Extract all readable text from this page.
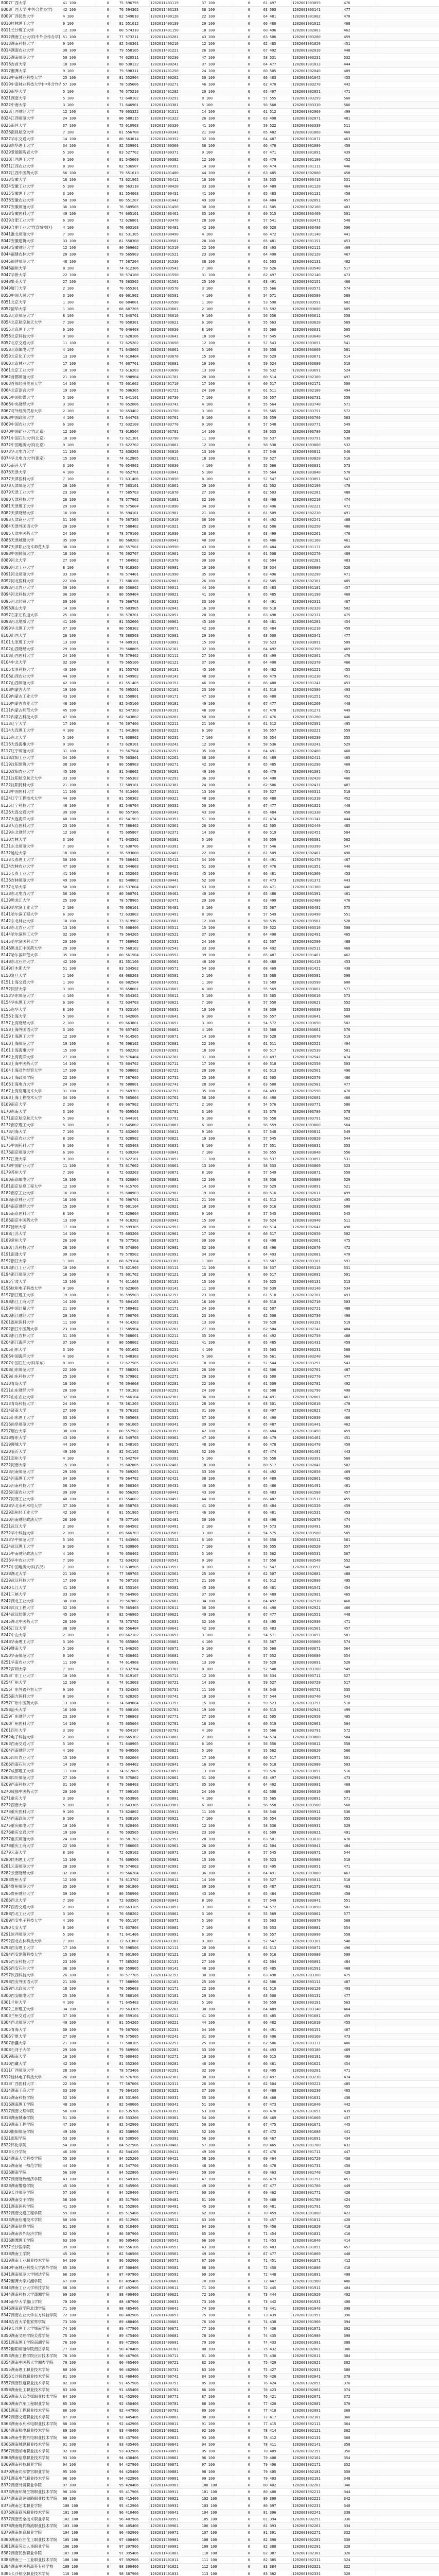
8007广西大学	41 100	0	75 596795	1202011403119	37 100	0	61 497	1202001003059	476
8008广西大学(中外合作办学)	42 100	0	76 594302	1202011403133	38 100	0	63 503	1202001003141	477
8009广西民族大学	4 100	0	82 549010	1202011400120	22 100	0	64 481	1202001001002	470
8010桂林理工大学	6 100	0	81 551012	1202011400139	29 100	0	66 480	1202001001012	468
8011长沙理工大学	12 100	0	80 574310	1202011401150	18 100	0	60 496	1202001002003	462
8012湖南工业大学(中外合作办学) 51 100	0	77 573211	1202011403201	43 100	0	63 506	1202001003200	459
8013湖南科技大学	9 100	0	82 540301	1202011400210	12 100	0	62 485	1202001001020	451
8014湖南农业大学	30 100	0	79 558105	1202011401221	26 100	0	67 492	1202001002010	448
8015湖南师范大学	50 100	0	74 620511	1202011403230	47 100	0	58 531	1202001003231	532
8016吉首大学	18 100	0	80 530122	1202011400241	37 100	0	64 477	1202001001033	444
8017湘潭大学	9 100	0	79 598311	1202011401250	24 100	0	60 505	1202001002040	489
8018中南林业科技大学	25 100	0	81 552904	1202011400262	30 100	0	66 483	1202001001045	455
8019中南林业科技大学(中外合作办 57 100	0	78 535606	1202011403271	46 100	0	62 470	1202001003270	442
8020南华大学	5 100	0	76 575210	1202011401282	20 100	0	65 497	1202001002051	471
8021湖南大学	5 100	0	72 640102	1202011403291	8 100	0	57 555	1202001003299	560
8022中南大学	3 100	0	71 646901	1202011403301	5 100	0	56 560	1202001003310	566
8023江西财经大学	12 100	0	79 603322	1202011401311	14 100	0	61 512	1202001002060	499
8024江西师范大学	24 100	0	80 580115	1202011401322	26 100	0	63 498	1202001002071	481
8025南昌大学	37 100	0	75 610903	1202011403330	41 100	0	59 522	1202001003339	511
8026南昌航空大学	7 100	0	81 556708	1202011400341	21 100	0	65 482	1202001001060	460
8027华东交通大学	14 100	0	80 563014	1202011400352	32 100	0	64 487	1202001001071	463
8028东华理工大学	34 100	0	82 539901	1202011400360	36 100	0	66 476	1202001001080	450
8029景德镇陶瓷大学	5 100	0	83 527702	1202011400371	9 100	0	67 471	1202001001091	439
8030江西理工大学	6 100	0	81 545609	1202011400382	12 100	0	65 479	1202001001100	452
8031江西农业大学	8 100	0	82 536507	1202011400391	14 100	0	66 474	1202001001111	446
8032江西中医药大学	56 100	0	79 551613	1202011401400	44 100	0	63 485	1202001002080	458
8033安徽大学	18 100	0	73 621902	1202011403411	16 100	0	58 535	1202001003410	531
8034安徽工业大学	5 100	0	80 563110	1202011400420	33 100	0	64 489	1202001001120	464
8035安徽理工大学	3 100	0	81 554003	1202011400431	41 100	0	65 483	1202001001131	458
8036安徽农业大学	50 100	0	80 551207	1202011401442	49 100	0	64 484	1202001002091	457
8037安徽师范大学	36 100	0	76 589505	1202011401450	30 100	0	61 505	1202001002100	483
8038安徽医科大学	40 100	0	74 605101	1202011403461	35 100	0	60 515	1202001003460	501
8039合肥工业大学	6 100	0	72 626801	1202011403470	28 100	0	57 541	1202001003471	540
8040合肥工业大学(宣城校区)	4 100	0	76 603103	1202011403481	42 100	0	60 520	1202001003480	506
8041淮北师范大学	7 100	0	82 531305	1202011400490	4 100	0	66 472	1202001001140	441
8042安徽建筑大学	33 100	0	81 550308	1202011400501	28 100	0	65 481	1202001001151	453
8043安徽财经大学	12 100	0	80 569602	1202011401510	22 100	0	63 493	1202001002111	469
8044福建农林大学	20 100	0	79 565903	1202011401521	23 100	0	64 490	1202001002120	467
8045福建师范大学	48 100	0	77 587204	1202011401530	38 100	0	61 503	1202001002131	482
8046福州大学	8 100	0	74 612306	1202011403541	7 100	0	59 526	1202001003540	517
8047华侨大学	22 100	0	78 574108	1202011401550	31 100	0	62 497	1202001002140	473
8048集美大学	27 100	0	79 563502	1202011401561	25 100	0	63 491	1202001002151	466
8049厦门大学	2 100	0	70 655301	1202011403570	3 100	0	55 566	1202001003571	574
8050中国人民大学	3 100	0	69 661902	1202011403581	4 100	0	54 571	1202001003580	580
8051北京大学	1 100	0	68 684001	1202011403590	1 100	0	53 590	1202001003591	602
8052清华大学	1 100	0	68 687205	1202011403601	2 100	0	53 592	1202001003600	605
8053北京师范大学	8 100	0	71 640701	1202011403610	9 100	0	56 556	1202001003611	558
8054北京航空航天大学	7 100	0	70 650301	1202011403621	6 100	0	55 563	1202001003620	569
8055北京理工大学	6 100	0	70 646408	1202011403630	8 100	0	55 560	1202001003631	565
8056北京科技大学	9 100	0	72 628106	1202011403641	10 100	0	57 545	1202001003640	545
8057北京交通大学	11 100	0	72 625202	1202011403650	12 100	0	57 543	1202001003651	541
8058北京邮电大学	4 100	0	71 643005	1202011403661	5 100	0	56 558	1202001003660	561
8059北京化工大学	13 100	0	74 610404	1202011403670	15 100	0	59 529	1202001003671	514
8060北京林业大学	17 100	0	74 607701	1202011403681	19 100	0	59 524	1202001003680	510
8061北京工业大学	10 100	0	73 616203	1202011403690	13 100	0	58 532	1202001003691	524
8062首都师范大学	21 100	0	75 598904	1202011401701	20 100	0	60 514	1202001002160	497
8063首都经济贸易大学	14 100	0	75 601602	1202011401710	17 100	0	60 517	1202001002171	500
8064北京语言大学	19 100	0	76 596305	1202011401721	24 100	0	61 511	1202001002180	494
8065中国传媒大学	5 100	0	71 641101	1202011403730	7 100	0	56 557	1202001003731	559
8066中央财经大学	3 100	0	70 652006	1202011403741	4 100	0	55 564	1202001003740	571
8067对外经济贸易大学	2 100	0	70 653402	1202011403750	3 100	0	55 565	1202001003751	572
8068中国政法大学	4 100	0	71 644703	1202011403761	6 100	0	56 559	1202001003760	563
8069中国农业大学	6 100	0	72 632108	1202011403770	9 100	0	57 548	1202001003771	549
8070中国矿业大学(北京)	12 100	0	73 619504	1202011403781	14 100	0	58 535	1202001003780	528
8071中国石油大学(北京)	10 100	0	73 621301	1202011403790	11 100	0	58 537	1202001003791	530
8072中国地质大学(北京)	9 100	0	73 622702	1202011403801	12 100	0	58 538	1202001003800	532
8073华北电力大学	11 100	0	72 630203	1202011403810	13 100	0	57 546	1202001003811	546
8074华北电力大学(保定)	15 100	0	74 612805	1202011403821	18 100	0	59 527	1202001003820	516
8075南开大学	3 100	0	70 654902	1202011403830	4 100	0	55 566	1202001003831	573
8076天津大学	4 100	0	70 652701	1202011403841	5 100	0	55 564	1202001003840	570
8077天津医科大学	7 100	0	72 631406	1202011403850	8 100	0	57 547	1202001003851	547
8078天津师范大学	28 100	0	77 583101	1202011401861	29 100	0	62 502	1202001002190	478
8079天津工业大学	23 100	0	77 585703	1202011401870	27 100	0	62 503	1202001002201	480
8080天津科技大学	26 100	0	78 577902	1202011401881	32 100	0	63 498	1202001002210	474
8081天津理工大学	29 100	0	78 575604	1202011401890	34 100	0	63 496	1202001002221	472
8082天津财经大学	16 100	0	76 594101	1202011401901	21 100	0	61 509	1202001002230	491
8083天津商业大学	31 100	0	79 567305	1202011401910	36 100	0	64 492	1202001002241	468
8084天津外国语大学	20 100	0	77 588402	1202011401921	25 100	0	62 506	1202001002250	486
8085天津中医药大学	24 100	0	78 579106	1202011401930	28 100	0	63 499	1202001002261	476
8086天津城建大学	35 100	0	80 560203	1202011400941	40 100	0	65 486	1202001001160	461
8087天津职业技术师范大学	38 100	0	80 557501	1202011400950	43 100	0	65 484	1202001001171	458
8088中国民航大学	18 100	0	76 592707	1202011401961	22 100	0	61 508	1202001002270	489
8089河北大学	27 100	0	77 584902	1202011401970	30 100	0	62 504	1202001002281	483
8090河北工业大学	8 100	0	73 618305	1202011403981	10 100	0	58 534	1202001003980	526
8091河北师范大学	33 100	0	78 574401	1202011401990	35 100	0	63 496	1202001002290	471
8092河北医科大学	22 100	0	77 586106	1202011402001	26 100	0	62 505	1202001002301	485
8093河北农业大学	39 100	0	80 556802	1202011400011	44 100	0	65 483	1202001001181	457
8094河北科技大学	36 100	0	80 559404	1202011400021	41 100	0	65 485	1202001001190	460
8095河北经贸大学	30 100	0	79 566703	1202011402031	33 100	0	64 491	1202001002311	467
8096燕山大学	14 100	0	75 603905	1202011402041	16 100	0	60 518	1202001002320	502
8097石家庄铁道大学	25 100	0	78 578201	1202011402051	28 100	0	63 498	1202001002331	475
8098河北地质大学	41 100	0	81 552606	1202011400061	45 100	0	66 481	1202001001201	454
8099华北理工大学	37 100	0	80 558302	1202011400071	42 100	0	65 484	1202001001210	459
8100山西大学	26 100	0	78 580503	1202011402081	29 100	0	63 500	1202001002341	477
8101太原理工大学	13 100	0	74 609101	1202011403091	15 100	0	59 523	1202001003091	509
8102山西财经大学	29 100	0	79 568805	1202011402101	32 100	0	64 492	1202001002350	469
8103山西医科大学	24 100	0	78 579402	1202011402111	27 100	0	63 499	1202001002361	476
8104中北大学	32 100	0	79 565106	1202011402121	37 100	0	64 490	1202001002370	466
8105太原科技大学	40 100	0	81 553703	1202011400131	45 100	0	66 482	1202001001221	455
8106山西农业大学	44 100	0	81 549902	1202011400141	48 100	0	66 479	1202001001230	451
8107山西师范大学	42 100	0	81 551405	1202011400151	46 100	0	66 480	1202001001241	453
8108内蒙古大学	19 100	0	76 595201	1202011402161	23 100	0	61 510	1202001002380	493
8109内蒙古工业大学	43 100	0	81 550801	1202011400171	47 100	0	66 480	1202001001251	452
8110内蒙古农业大学	46 100	0	82 545106	1202011400181	49 100	0	67 477	1202001001260	448
8111内蒙古师范大学	45 100	0	82 547303	1202011400191	48 100	0	67 478	1202001001271	449
8112内蒙古科技大学	47 100	0	82 543802	1202011400201	50 100	0	67 476	1202001001280	446
8113辽宁大学	17 100	0	76 597406	1202011402211	21 100	0	61 512	1202001002391	495
8114大连理工大学	4 100	0	71 641808	1202011403221	6 100	0	56 557	1202001003221	559
8115东北大学	5 100	0	71 638902	1202011403231	7 100	0	56 554	1202001003230	555
8116大连海事大学	9 100	0	73 620101	1202011403241	12 100	0	58 536	1202001003241	529
8117辽宁师范大学	31 100	0	79 567504	1202011402251	35 100	0	64 491	1202001002400	468
8118沈阳工业大学	34 100	0	79 563801	1202011402261	38 100	0	64 489	1202001002411	465
8119沈阳建筑大学	38 100	0	80 558903	1202011400271	42 100	0	65 485	1202001001290	460
8120沈阳农业大学	45 100	0	81 548602	1202011400281	49 100	0	66 479	1202001001301	451
8121沈阳航空航天大学	33 100	0	79 565302	1202011402291	36 100	0	64 490	1202001002420	466
8122沈阳药科大学	21 100	0	77 589101	1202011402301	24 100	0	62 506	1202001002431	487
8123中国医科大学	11 100	0	74 613406	1202011403311	13 100	0	59 527	1202001003311	518
8124辽宁工程技术大学	44 100	0	81 550302	1202011400321	48 100	0	66 480	1202001001310	452
8125辽宁科技大学	46 100	0	82 546704	1202011400331	50 100	0	67 477	1202001001321	448
8126大连交通大学	39 100	0	80 557306	1202011400341	43 100	0	65 484	1202001001330	458
8127大连海洋大学	48 100	0	82 541903	1202011400351	51 100	0	67 474	1202001001341	444
8128大连医科大学	23 100	0	77 586402	1202011402361	26 100	0	62 505	1202001002440	485
8129东北财经大学	12 100	0	75 605807	1202011402371	14 100	0	60 519	1202001002451	504
8130吉林大学	3 100	0	71 643502	1202011403381	5 100	0	56 559	1202001003381	562
8131东北师范大学	7 100	0	72 630706	1202011403391	9 100	0	57 546	1202001003390	547
8132延边大学	18 100	0	76 593008	1202011402401	22 100	0	61 509	1202001002461	490
8133长春理工大学	30 100	0	79 566402	1202011402411	34 100	0	64 491	1202001002470	467
8134吉林农业大学	47 100	0	82 544603	1202011400421	51 100	0	67 476	1202001001351	446
8135长春工业大学	41 100	0	81 552005	1202011400431	45 100	0	66 481	1202001001360	453
8136吉林师范大学	49 100	0	82 540802	1202011400441	52 100	0	67 473	1202001001371	443
8137北华大学	50 100	0	83 537004	1202011400451	53 100	0	68 471	1202001001380	440
8138东北电力大学	36 100	0	80 560701	1202011400461	40 100	0	65 486	1202001001391	461
8139黑龙江大学	25 100	0	78 578905	1202011402471	29 100	0	63 499	1202001002480	476
8140哈尔滨工业大学	2 100	0	70 656101	1202011403481	3 100	0	55 567	1202001003481	575
8141哈尔滨工程大学	6 100	0	72 633802	1202011403491	8 100	0	57 549	1202001003490	551
8142东北林业大学	10 100	0	73 619902	1202011403501	12 100	0	58 535	1202001003501	528
8143东北农业大学	13 100	0	74 608406	1202011403511	15 100	0	59 522	1202001003510	508
8144哈尔滨理工大学	32 100	0	79 564205	1202011402521	37 100	0	64 490	1202001002491	465
8145哈尔滨医科大学	20 100	0	77 589902	1202011402531	24 100	0	62 507	1202001002500	488
8146黑龙江中医药大学	29 100	0	79 568102	1202011402541	33 100	0	64 492	1202001002511	468
8147哈尔滨师范大学	35 100	0	80 561504	1202011400551	39 100	0	65 487	1202001001401	462
8148东北石油大学	42 100	0	81 551106	1202011400561	46 100	0	66 480	1202001001410	453
8149佳木斯大学	51 100	0	83 534502	1202011400571	54 100	0	68 469	1202001001421	438
8150复旦大学	1 100	0	68 680203	1202011403581	2 100	0	53 588	1202001003581	598
8151上海交通大学	1 100	0	68 682504	1202011403591	1 100	0	53 589	1202001003590	600
8152同济大学	3 100	0	70 658601	1202011403601	4 100	0	55 569	1202001003601	577
8153华东师范大学	4 100	0	70 654302	1202011403611	5 100	0	55 565	1202001003610	573
8154华东理工大学	6 100	0	72 634703	1202011403621	7 100	0	57 550	1202001003621	552
8155东华大学	8 100	0	73 623104	1202011403631	10 100	0	58 539	1202001003630	533
8156上海大学	5 100	0	71 642006	1202011403641	6 100	0	56 557	1202001003641	560
8157上海财经大学	2 100	0	69 663801	1202011403651	3 100	0	54 572	1202001003650	582
8158上海外国语大学	3 100	0	70 657402	1202011403661	4 100	0	55 568	1202001003661	576
8159上海理工大学	12 100	0	74 614505	1202011403671	14 100	0	59 528	1202001003670	519
8160上海师范大学	19 100	0	76 596102	1202011402681	22 100	0	61 511	1202001002521	494
8161上海海事大学	15 100	0	75 602203	1202011402691	18 100	0	60 517	1202001002530	501
8162上海海洋大学	27 100	0	78 576404	1202011402701	31 100	0	63 497	1202001002541	474
8163上海中医药大学	14 100	0	75 604702	1202011402711	17 100	0	60 518	1202001002550	503
8164上海对外经贸大学	17 100	0	76 598002	1202011402721	20 100	0	61 513	1202001002561	496
8165上海政法学院	22 100	0	77 587605	1202011402731	25 100	0	62 505	1202001002570	486
8166上海电力大学	24 100	0	78 580801	1202011402741	28 100	0	63 500	1202001002581	477
8167上海应用技术大学	31 100	0	79 569703	1202011402751	35 100	0	64 493	1202001002590	470
8168上海工程技术大学	34 100	0	79 565004	1202011402761	38 100	0	64 490	1202001002601	466
8169南京大学	2 100	0	69 667902	1202011403771	2 100	0	54 576	1202001003771	586
8170东南大学	3 100	0	70 659503	1202011403781	3 100	0	55 570	1202001003780	578
8171南京航空航天大学	5 100	0	71 644101	1202011403791	6 100	0	56 558	1202001003791	562
8172南京理工大学	5 100	0	71 645802	1202011403801	6 100	0	56 559	1202001003800	564
8173河海大学	7 100	0	72 632005	1202011403811	9 100	0	57 548	1202001003811	549
8174南京农业大学	8 100	0	72 628902	1202011403821	10 100	0	57 545	1202001003820	544
8175中国药科大学	6 100	0	72 635403	1202011403831	8 100	0	57 551	1202001003831	553
8176南京师范大学	6 100	0	71 639204	1202011403841	7 100	0	56 555	1202001003840	556
8177江南大学	9 100	0	73 622101	1202011403851	11 100	0	58 537	1202001003851	531
8178中国矿业大学	11 100	0	73 617602	1202011403861	13 100	0	58 533	1202001003860	523
8179苏州大学	7 100	0	72 633203	1202011403871	8 100	0	57 549	1202001003871	550
8180南京邮电大学	10 100	0	73 620804	1202011403881	12 100	0	58 536	1202001003880	529
8181南京信息工程大学	12 100	0	74 615706	1202011403891	14 100	0	59 529	1202001003891	521
8182南京工业大学	16 100	0	75 600903	1202011402901	19 100	0	60 516	1202001002611	499
8183南京林业大学	18 100	0	76 596701	1202011402911	21 100	0	61 512	1202001002620	495
8184南京财经大学	15 100	0	75 601104	1202011402921	18 100	0	60 516	1202001002631	500
8185南京医科大学	8 100	0	72 629604	1202011403931	9 100	0	57 545	1202001003931	545
8186南京中医药大学	13 100	0	74 610202	1202011403941	15 100	0	59 524	1202001003940	511
8187扬州大学	17 100	0	75 599305	1202011402951	20 100	0	60 514	1202001002641	498
8188江苏大学	14 100	0	75 603206	1202011402961	17 100	0	60 517	1202001002650	502
8189常州大学	26 100	0	78 577503	1202011402971	30 100	0	63 498	1202001002661	475
8190江苏科技大学	28 100	0	78 574806	1202011402981	32 100	0	63 496	1202001002670	472
8191南通大学	30 100	0	79 570502	1202011402991	34 100	0	64 493	1202001002681	470
8192浙江大学	1 100	0	68 679104	1202011403101	1 100	0	53 587	1202001003101	597
8193浙江工业大学	10 100	0	73 621905	1202011403111	11 100	0	58 537	1202001003110	531
8194浙江师范大学	16 100	0	75 601702	1202011402121	18 100	0	60 517	1202001002691	501
8195宁波大学	13 100	0	74 611003	1202011403131	15 100	0	59 525	1202001003131	513
8196杭州电子科技大学	9 100	0	73 623606	1202011403141	11 100	0	58 539	1202001003140	534
8197浙江理工大学	19 100	0	76 595903	1202011402151	23 100	0	61 510	1202001002701	493
8198浙江工商大学	14 100	0	75 604105	1202011402161	16 100	0	60 518	1202001002710	503
8199中国计量大学	21 100	0	77 589402	1202011402171	24 100	0	62 507	1202001002721	488
8200浙江财经大学	20 100	0	77 590706	1202011402181	23 100	0	62 508	1202001002730	490
8201温州医科大学	11 100	0	74 614203	1202011403191	13 100	0	59 528	1202001003191	519
8202浙江中医药大学	23 100	0	77 585904	1202011402201	27 100	0	62 504	1202001002741	484
8203浙江农林大学	31 100	0	79 568001	1202011402211	35 100	0	64 492	1202001002750	468
8204浙江海洋大学	37 100	0	80 558002	1202011400221	41 100	0	65 485	1202001001431	459
8205山东大学	3 100	0	70 651602	1202011403231	4 100	0	55 563	1202001003231	568
8206中国海洋大学	4 100	0	71 648303	1202011403241	5 100	0	56 561	1202001003240	566
8207中国石油大学(华东)	8 100	0	72 627505	1202011403251	10 100	0	57 544	1202001003251	543
8208山东师范大学	22 100	0	77 588201	1202011402261	26 100	0	62 506	1202001002761	487
8209山东科技大学	25 100	0	78 579802	1202011402271	29 100	0	63 500	1202001002770	477
8210青岛大学	18 100	0	76 594608	1202011402281	22 100	0	61 509	1202001002781	492
8211山东财经大学	20 100	0	77 591303	1202011402291	24 100	0	62 508	1202001002790	490
8212山东农业大学	32 100	0	79 566104	1202011402301	36 100	0	64 491	1202001002801	467
8213青岛科技大学	24 100	0	78 581205	1202011402311	28 100	0	63 501	1202001002810	478
8214济南大学	27 100	0	78 576102	1202011402321	31 100	0	63 497	1202001002821	473
8215山东理工大学	33 100	0	79 565603	1202011402331	37 100	0	64 490	1202001002830	466
8216曲阜师范大学	35 100	0	80 561005	1202011400341	39 100	0	65 487	1202001001441	462
8217烟台大学	38 100	0	80 557902	1202011400351	42 100	0	65 484	1202001001450	459
8218鲁东大学	43 100	0	81 549703	1202011400361	47 100	0	66 479	1202001001461	451
8219聊城大学	44 100	0	81 548105	1202011400371	48 100	0	66 478	1202001001470	450
8220临沂大学	49 100	0	82 541102	1202011400381	52 100	0	67 474	1202001001481	443
8221郑州大学	4 100	0	71 642704	1202011403391	5 100	0	56 558	1202001003391	560
8222河南大学	15 100	0	75 602805	1202011402401	18 100	0	60 517	1202001002841	502
8223河南师范大学	29 100	0	79 569205	1202011402411	33 100	0	64 492	1202001002850	469
8224河南理工大学	34 100	0	79 564702	1202011402421	38 100	0	64 489	1202001002861	465
8225河南科技大学	36 100	0	80 560304	1202011400431	40 100	0	65 486	1202001001491	461
8226河南农业大学	39 100	0	80 556205	1202011400441	43 100	0	65 483	1202001001500	457
8227河南工业大学	40 100	0	81 554602	1202011400451	44 100	0	66 482	1202001001511	455
8228华北水利水电大学	37 100	0	80 558703	1202011400461	41 100	0	65 484	1202001001520	459
8229郑州轻工业大学	42 100	0	81 551905	1202011400471	46 100	0	66 481	1202001001531	453
8230河南财经政法大学	26 100	0	78 577106	1202011402481	30 100	0	63 498	1202001002870	474
8231武汉大学	2 100	0	69 664502	1202011403491	2 100	0	54 573	1202001003491	583
8232华中科技大学	2 100	0	69 666703	1202011403501	3 100	0	54 575	1202001003500	585
8233华中师范大学	5 100	0	71 643904	1202011403511	6 100	0	56 558	1202001003511	561
8234武汉理工大学	6 100	0	71 639806	1202011403521	7 100	0	56 555	1202001003520	557
8235中南财经政法大学	4 100	0	70 650402	1202011403531	5 100	0	55 562	1202001003531	567
8236华中农业大学	7 100	0	72 634203	1202011403541	9 100	0	57 550	1202001003540	552
8237中国地质大学(武汉)	7 100	0	72 630905	1202011403551	8 100	0	57 547	1202001003551	548
8238湖北大学	21 100	0	77 589705	1202011402561	25 100	0	62 507	1202001002881	488
8239武汉科技大学	17 100	0	76 597103	1202011402571	21 100	0	61 512	1202001002890	495
8240长江大学	41 100	0	81 553104	1202011400581	45 100	0	66 481	1202001001541	454
8241三峡大学	33 100	0	79 564906	1202011402591	37 100	0	64 489	1202001002901	465
8242湖北工业大学	30 100	0	79 567802	1202011402601	34 100	0	64 492	1202001002910	468
8243武汉工程大学	32 100	0	79 565403	1202011402611	36 100	0	64 490	1202001002921	466
8244武汉纺织大学	45 100	0	82 546905	1202011400621	49 100	0	67 477	1202001001551	448
8245湖北中医药大学	28 100	0	78 573702	1202011402631	32 100	0	63 495	1202001002930	471
8246江汉大学	38 100	0	80 556404	1202011400641	42 100	0	65 483	1202001001561	457
8247中山大学	2 100	0	69 662102	1202011403651	3 100	0	54 571	1202001003651	581
8248华南理工大学	3 100	0	70 655806	1202011403661	4 100	0	55 567	1202001003660	574
8249暨南大学	5 100	0	71 646205	1202011403671	6 100	0	56 560	1202001003671	564
8250华南师范大学	6 100	0	72 636402	1202011403681	7 100	0	57 552	1202001003680	554
8251华南农业大学	11 100	0	74 614908	1202011403691	13 100	0	59 528	1202001003691	520
8252深圳大学	7 100	0	72 632704	1202011403701	8 100	0	57 548	1202001003700	549
8253广东工业大学	10 100	0	73 619107	1202011403711	12 100	0	58 534	1202001003711	527
8254广州大学	12 100	0	74 613003	1202011403721	14 100	0	59 527	1202001003720	517
8255广东外语外贸大学	9 100	0	73 624305	1202011403731	11 100	0	58 540	1202001003731	535
8256南方医科大学	8 100	0	72 628205	1202011403741	10 100	0	57 544	1202001003740	543
8257广州中医药大学	13 100	0	74 609804	1202011403751	15 100	0	59 523	1202001003751	510
8258汕头大学	16 100	0	75 600106	1202011402761	19 100	0	60 515	1202001002941	499
8259广东财经大学	23 100	0	77 586803	1202011402771	27 100	0	62 505	1202001002950	485
8260广州医科大学	14 100	0	75 605004	1202011402781	16 100	0	60 519	1202001002961	504
8261四川大学	3 100	0	70 654107	1202011403791	4 100	0	55 566	1202001003791	572
8262电子科技大学	2 100	0	69 665302	1202011403801	2 100	0	54 574	1202001003800	584
8263西南交通大学	5 100	0	71 640905	1202011403811	6 100	0	56 556	1202001003811	558
8264西南财经大学	4 100	0	70 649506	1202011403821	5 100	0	55 562	1202001003820	566
8265四川农业大学	15 100	0	75 602004	1202011402831	17 100	0	60 517	1202001002971	501
8266西南石油大学	14 100	0	75 604402	1202011402841	16 100	0	60 518	1202001002980	503
8267成都理工大学	11 100	0	74 612605	1202011403851	13 100	0	59 526	1202001003851	516
8268四川师范大学	27 100	0	78 575802	1202011402861	31 100	0	63 497	1202001002991	473
8269西南科技大学	31 100	0	79 568403	1202011402871	35 100	0	64 492	1202001003001	468
8270成都中医药大学	20 100	0	77 590105	1202011402881	24 100	0	62 508	1202001003010	489
8271重庆大学	3 100	0	70 653806	1202011403891	4 100	0	55 565	1202001003891	571
8272西南大学	5 100	0	71 643305	1202011403901	6 100	0	56 558	1202001003900	560
8273重庆医科大学	9 100	0	73 624802	1202011403911	11 100	0	58 540	1202001003911	536
8274西南政法大学	6 100	0	71 638106	1202011403921	7 100	0	56 554	1202001003920	555
8275重庆邮电大学	10 100	0	73 620406	1202011403931	12 100	0	58 536	1202001003931	529
8276重庆交通大学	19 100	0	76 593505	1202011402941	23 100	0	61 509	1202001003021	491
8277重庆师范大学	24 100	0	78 581702	1202011402951	28 100	0	63 501	1202001003030	478
8278重庆工商大学	22 100	0	77 586005	1202011402961	26 100	0	62 504	1202001003041	484
8279云南大学	8 100	0	72 629102	1202011403971	10 100	0	57 545	1202001003971	544
8280昆明理工大学	13 100	0	74 609506	1202011403981	15 100	0	59 523	1202001003980	510
8281云南师范大学	28 100	0	78 574003	1202011402991	32 100	0	63 495	1202001003051	471
8282云南财经大学	32 100	0	79 566204	1202011403001	36 100	0	64 491	1202001003060	467
8283贵州大学	12 100	0	74 613702	1202011403011	14 100	0	59 527	1202001003011	518
8284贵州师范大学	35 100	0	80 561806	1202011400021	39 100	0	65 487	1202001001571	463
8285贵州财经大学	39 100	0	80 556906	1202011400031	43 100	0	65 484	1202001001580	458
8286西北大学	7 100	0	72 633505	1202011403041	8 100	0	57 549	1202001003041	551
8287西安交通大学	2 100	0	69 663105	1202011403051	3 100	0	54 572	1202001003050	582
8288西北工业大学	3 100	0	70 658202	1202011403061	3 100	0	55 569	1202001003061	577
8289西安电子科技大学	4 100	0	70 651107	1202011403071	5 100	0	55 563	1202001003070	568
8290长安大学	6 100	0	71 637804	1202011403081	7 100	0	56 553	1202001003081	554
8291陕西师范大学	5 100	0	71 641406	1202011403091	6 100	0	56 557	1202001003090	558
8292西北农林科技大学	7 100	0	72 631807	1202011403101	9 100	0	57 547	1202001003101	548
8293西安理工大学	17 100	0	76 598506	1202011402111	20 100	0	61 513	1202001003071	496
8294西安建筑科技大学	15 100	0	75 601906	1202011402121	18 100	0	60 516	1202001003080	500
8295西安科技大学	23 100	0	77 585202	1202011402131	27 100	0	62 504	1202001003091	484
8296西安石油大学	36 100	0	80 559805	1202011400141	40 100	0	65 485	1202001001591	460
8297陕西科技大学	26 100	0	78 577705	1202011402151	30 100	0	63 498	1202001003100	475
8298西安外国语大学	21 100	0	77 588906	1202011402161	25 100	0	62 506	1202001003111	487
8299西北政法大学	18 100	0	76 595603	1202011402171	22 100	0	61 510	1202001003120	493
8300西安邮电大学	25 100	0	78 580106	1202011402181	29 100	0	63 500	1202001003131	477
8301兰州大学	4 100	0	71 645403	1202011403191	5 100	0	56 559	1202001003191	563
8302兰州理工大学	34 100	0	79 563305	1202011402201	38 100	0	64 489	1202001003140	464
8303兰州交通大学	37 100	0	80 559104	1202011400211	41 100	0	65 485	1202001001601	459
8304西北师范大学	40 100	0	81 554205	1202011400221	44 100	0	66 482	1202001001610	455
8305青海大学	30 100	0	79 567006	1202011402231	34 100	0	64 491	1202001003151	467
8306宁夏大学	27 100	0	78 575005	1202011402241	31 100	0	63 496	1202001003160	473
8307新疆大学	21 100	0	77 588105	1202011402251	25 100	0	62 506	1202001003171	486
8308石河子大学	29 100	0	79 569906	1202011402261	33 100	0	64 493	1202001003180	469
8309海南大学	16 100	0	75 600405	1202011402271	19 100	0	60 515	1202001003191	499
8310西藏大学	42 100	0	81 552306	1202011400281	46 100	0	66 481	1202001001621	454
8311广西师范大学	28 100	0	78 573406	1202011402291	32 100	0	63 495	1202001003201	471
8312桂林电子科技大学	26 100	0	78 576706	1202011402301	30 100	0	63 497	1202001003210	474
8313广西医科大学	22 100	0	77 587006	1202011402311	26 100	0	62 504	1202001003221	485
8314湖南工商大学	33 100	0	79 564105	1202011402321	37 100	0	64 489	1202001003230	465
8315湖南科技学院	52 100	0	83 531906	1202011400331	55 100	0	68 468	1202001001631	436
8316湖南理工学院	48 100	0	82 540006	1202011400341	51 100	0	67 473	1202001001640	442
8317湖南文理学院	50 100	0	83 535706	1202011400351	53 100	0	68 470	1202001001651	439
8318湖南城市学院	51 100	0	83 533206	1202011400361	54 100	0	68 469	1202001001660	437
8319湖南工程学院	47 100	0	82 542906	1202011400371	50 100	0	67 475	1202001001671	445
8320衡阳师范学院	49 100	0	82 538906	1202011400381	52 100	0	67 472	1202001001680	441
8321邵阳学院	53 100	0	83 530506	1202011400391	56 100	0	68 467	1202001001691	434
8322怀化学院	54 100	0	84 527506	1202011400401	57 100	0	69 465	1202001001700	432
8323长沙学院	46 100	0	82 544106	1202011400411	49 100	0	67 476	1202001001711	447
8324湖南人文科技学院	55 100	0	84 525206	1202011400421	58 100	0	69 464	1202001001720	430
8325湖南第一师范学院	44 100	0	81 547706	1202011400431	48 100	0	66 478	1202001001731	450
8326湘南学院	56 100	0	84 522806	1202011400441	59 100	0	69 463	1202001001740	428
8327湖南财政经济学院	43 100	0	81 549306	1202011400451	47 100	0	66 479	1202001001751	451
8328湖南警察学院	45 100	0	82 545906	1202011400461	49 100	0	67 477	1202001001760	449
8329长沙师范学院	57 100	0	84 520406	1202011400471	60 100	0	69 462	1202001001771	426
8330湖南女子学院	58 100	0	85 517906	1202011400481	61 100	0	70 460	1202001001780	424
8331湖南医药学院	41 100	0	81 552806	1202011400491	45 100	0	66 481	1202001001791	455
8332湖南交通工程学院	59 100	0	85 515406	1202011400501	62 100	0	70 459	1202001001800	422
8333湖南应用技术学院	60 100	0	85 512906	1202011400511	63 100	0	70 457	1202001001811	420
8334湖南信息学院	61 100	0	85 510406	1202011400521	64 100	0	70 456	1202001001820	418
8335湖南涉外经济学院	62 100	0	86 507906	1202011400531	65 100	0	71 454	1202001001831	416
8336湘潭理工学院	63 100	0	86 505406	1202011400541	66 100	0	71 453	1202001001840	414
8337长沙医学院	39 100	0	80 556106	1202011400551	43 100	0	65 483	1202001001851	457
8338湖南工学院	45 100	0	82 546506	1202011400561	49 100	0	67 477	1202001001860	448
8339湖南工业职业技术学院	64 100	0	86 502906	1202011400571	67 100	0	71 451	1202001001871	412
8340中南林业科技大学涉外学院	65 100	0	87 500406	1202011400581	68 100	0	72 450	1202001001880	410
8341湖南师范大学树达学院	66 100	0	87 497906	1202011400591	69 100	0	72 448	1202001001891	408
8342湘潭大学兴湘学院	67 100	0	87 495406	1202011400601	70 100	0	72 447	1202001001900	406
8343湖南工业大学科技学院	68 100	0	87 492906	1202011400611	71 100	0	72 445	1202001001911	404
8344湖南科技大学潇湘学院	69 100	0	88 490406	1202011400621	72 100	0	73 444	1202001001920	402
8345南华大学船山学院	70 100	0	88 487906	1202011400631	73 100	0	73 442	1202001001931	400
8346湖南商学院北津学院	71 100	0	88 485406	1202011400641	74 100	0	73 441	1202001001940	398
8347湖南农业大学东方科技学院	72 100	0	88 482906	1202011400651	75 100	0	73 439	1202001001951	396
8348吉首大学张家界学院	73 100	0	89 480406	1202011400661	76 100	0	74 438	1202001001960	394
8349长沙理工大学城南学院	74 100	0	89 477906	1202011400671	77 100	0	74 436	1202001001971	392
8350湖南文理学院芙蓉学院	75 100	0	89 475406	1202011400681	78 100	0	74 435	1202001001980	390
8351湖南理工学院南湖学院	76 100	0	89 472906	1202011400691	79 100	0	74 433	1202001001991	388
8352衡阳师范学院南岳学院	77 100	0	90 470406	1202011400701	80 100	0	75 432	1202001002001	386
8353湖南工程学院应用技术学院	78 100	0	90 467906	1202011400711	81 100	0	75 430	1202001002011	384
8354湖南中医药大学湘杏学院	79 100	0	90 465406	1202011400721	82 100	0	75 429	1202001002021	382
8355湖南理工职业技术学院	80 100	0	90 462906	1202011400731	83 100	0	75 427	1202001002031	380
8356长沙民政职业技术学院	81 100	0	91 460406	1202011400741	84 100	0	76 426	1202001002041	378
8357湖南铁道职业技术学院	82 100	0	91 457906	1202011400751	85 100	0	76 424	1202001002051	376
8358湖南化工职业技术学院	83 100	0	91 455406	1202011400761	86 100	0	76 423	1202001002061	374
8359湖南大众传媒职业技术学院	84 100	0	91 452906	1202011400771	87 100	0	76 421	1202001002071	372
8360湖南汽车工程职业学院	85 100	0	92 450406	1202011400781	88 100	0	77 420	1202001002081	370
8361湖南工程职业技术学院	86 100	0	92 447906	1202011400791	89 100	0	77 418	1202001002091	368
8362湖南交通职业技术学院	87 100	0	92 445406	1202011400801	90 100	0	77 417	1202001002101	366
8363湖南水利水电职业技术学院	88 100	0	92 442906	1202011400811	91 100	0	77 415	1202001002111	364
8364湖南机电职业技术学院	89 100	0	93 440406	1202011400821	92 100	0	78 414	1202001002121	362
8365湖南生物机电职业技术学院	90 100	0	93 437906	1202011400831	93 100	0	78 412	1202001002131	360
8366湖南城建职业技术学院	91 100	0	93 435406	1202011400841	94 100	0	78 411	1202001002141	358
8367湖南邮电职业技术学院	92 100	0	93 432906	1202011400851	95 100	0	78 409	1202001002151	356
8368湖南信息职业技术学院	93 100	0	94 430406	1202011400861	96 100	0	79 408	1202001002161	354
8369湖南科技职业学院	94 100	0	94 427906	1202011400871	97 100	0	79 406	1202001002171	352
8370湖南司法警官职业学院	95 100	0	94 425406	1202011400881	98 100	0	79 405	1202001002181	350
8371湖南电气职业技术学院	96 100	0	94 422906	1202011400891	99 100	0	79 403	1202001002191	348
8372湖南外贸职业学院	97 100	0	95 420406	1202011400901	100 100	0	80 402	1202001002201	346
8373湖南环境生物职业技术学院	98 100	0	95 417906	1202011400911	101 100	0	80 400	1202001002211	344
8374湖南高速铁路职业技术学院	99 100	0	95 415406	1202011400921	102 100	0	80 399	1202001002221	342
8375湖南艺术职业学院	100 100	0	95 412906	1202011400931	103 100	0	80 397	1202001002231	340
8376湖南商务职业技术学院	101 100	0	96 410406	1202011400941	104 100	0	81 396	1202001002241	338
8377湖南安全技术职业学院	102 100	0	96 407906	1202011400951	105 100	0	81 394	1202001002251	336
8378湖南现代物流职业技术学院	103 100	0	96 405406	1202011400961	106 100	0	81 393	1202001002261	334
8379湖南体育职业学院	104 100	0	96 402906	1202011400971	107 100	0	81 391	1202001002271	332
8380湖南石油化工职业技术学院	105 100	0	97 400406	1202011400981	108 100	0	82 390	1202001002281	330
8381湖南劳动人事职业学院	106 100	0	97 397906	1202011400991	109 100	0	82 388	1202001002291	328
8382湖南民族职业学院	107 100	0	97 395406	1202011401001	110 100	0	82 387	1202001002301	326
8383湖南三一工业职业技术学院	108 100	0	97 392906	1202011401011	111 100	0	82 385	1202001002311	324
8384湖南中医药高等专科学校	109 100	0	98 390406	1202011401021	112 100	0	83 384	1202001002321	322
8385长沙航空职业技术学院	110 100	0	98 387906	1202011401031	113 100	0	83 382	1202001002331	320
